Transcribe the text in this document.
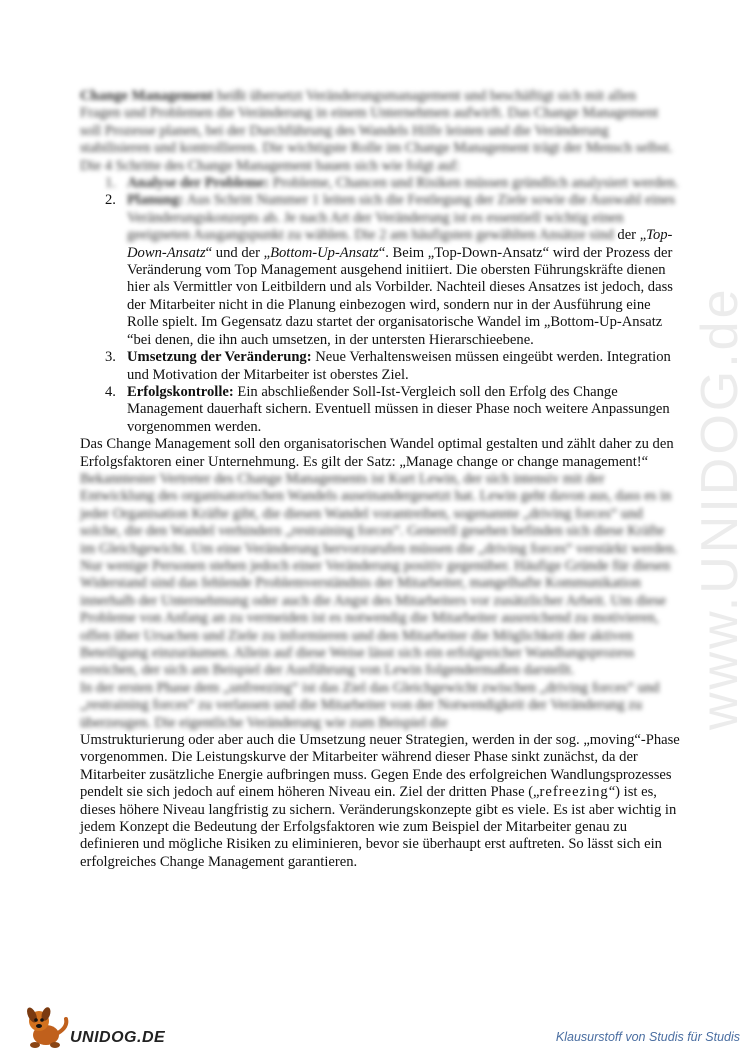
www.UNIDOG.de

Change Management heißt übersetzt Veränderungsmanagement und beschäftigt sich mit allen Fragen und Problemen die Veränderung in einem Unternehmen aufwirft. Das Change Management soll Prozesse planen, bei der Durchführung des Wandels Hilfe leisten und die Veränderung stabilisieren und kontrollieren. Die wichtigste Rolle im Change Management trägt der Mensch selbst. Die 4 Schritte des Change Management bauen sich wie folgt auf:

1. Analyse der Probleme: Probleme, Chancen und Risiken müssen gründlich analysiert werden.
2. Planung: Aus Schritt Nummer 1 leiten sich die Festlegung der Ziele sowie die Auswahl eines Veränderungskonzepts ab. Je nach Art der Veränderung ist es essentiell wichtig einen geeigneten Ausgangspunkt zu wählen. Die 2 am häufigsten gewählten Ansätze sind der „Top-Down-Ansatz“ und der „Bottom-Up-Ansatz“. Beim „Top-Down-Ansatz“ wird der Prozess der Veränderung vom Top Management ausgehend initiiert. Die obersten Führungskräfte dienen hier als Vermittler von Leitbildern und als Vorbilder. Nachteil dieses Ansatzes ist jedoch, dass der Mitarbeiter nicht in die Planung einbezogen wird, sondern nur in der Ausführung eine Rolle spielt. Im Gegensatz dazu startet der organisatorische Wandel im „Bottom-Up-Ansatz “bei denen, die ihn auch umsetzen, in der untersten Hierarschieebene.
3. Umsetzung der Veränderung: Neue Verhaltensweisen müssen eingeübt werden. Integration und Motivation der Mitarbeiter ist oberstes Ziel.
4. Erfolgskontrolle: Ein abschließender Soll-Ist-Vergleich soll den Erfolg des Change Management dauerhaft sichern. Eventuell müssen in dieser Phase noch weitere Anpassungen vorgenommen werden.

Das Change Management soll den organisatorischen Wandel optimal gestalten und zählt daher zu den Erfolgsfaktoren einer Unternehmung. Es gilt der Satz: „Manage change or change management!“

Bekanntester Vertreter des Change Managements ist Kurt Lewin, der sich intensiv mit der Entwicklung des organisatorischen Wandels auseinandergesetzt hat. Lewin geht davon aus, dass es in jeder Organisation Kräfte gibt, die diesen Wandel vorantreiben, sogenannte „driving forces“ und solche, die den Wandel verhindern „restraining forces“. Generell gesehen befinden sich diese Kräfte im Gleichgewicht. Um eine Veränderung hervorzurufen müssen die „driving forces“ verstärkt werden. Nur wenige Personen stehen jedoch einer Veränderung positiv gegenüber. Häufige Gründe für diesen Widerstand sind das fehlende Problemverständnis der Mitarbeiter, mangelhafte Kommunikation innerhalb der Unternehmung oder auch die Angst des Mitarbeiters vor zusätzlicher Arbeit. Um diese Probleme von Anfang an zu vermeiden ist es notwendig die Mitarbeiter ausreichend zu motivieren, offen über Ursachen und Ziele zu informieren und den Mitarbeiter die Möglichkeit der aktiven Beteiligung einzuräumen. Allein auf diese Weise lässt sich ein erfolgreicher Wandlungsprozess erreichen, der sich am Beispiel der Ausführung von Lewin folgendermaßen darstellt.

In der ersten Phase dem „unfreezing“ ist das Ziel das Gleichgewicht zwischen „driving forces“ und „restraining forces“ zu verlassen und die Mitarbeiter von der Notwendigkeit der Veränderung zu überzeugen. Die eigentliche Veränderung wie zum Beispiel die

Umstrukturierung oder aber auch die Umsetzung neuer Strategien, werden in der sog. „moving“-Phase vorgenommen. Die Leistungskurve der Mitarbeiter während dieser Phase sinkt zunächst, da der Mitarbeiter zusätzliche Energie aufbringen muss. Gegen Ende des erfolgreichen Wandlungsprozesses pendelt sie sich jedoch auf einem höheren Niveau ein. Ziel der dritten Phase („refreezing“) ist es, dieses höhere Niveau langfristig zu sichern. Veränderungskonzepte gibt es viele. Es ist aber wichtig in jedem Konzept die Bedeutung der Erfolgsfaktoren wie zum Beispiel der Mitarbeiter genau zu definieren und mögliche Risiken zu eliminieren, bevor sie überhaupt erst auftreten. So lässt sich ein erfolgreiches Change Management garantieren.

UNIDOG.DE	Klausurstoff von Studis für Studis
